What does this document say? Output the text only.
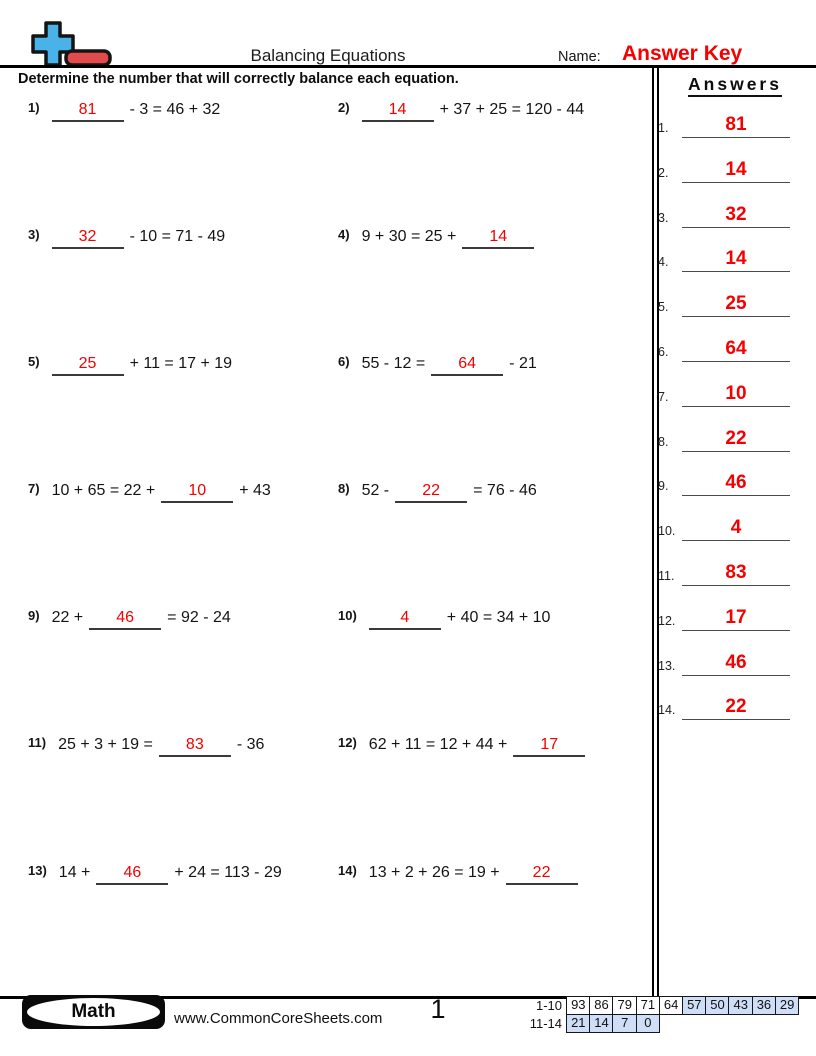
Balancing Equations	Name: Answer Key
Determine the number that will correctly balance each equation.	Answers
1) 81 - 3 = 46 + 32	2) 14 + 37 + 25 = 120 - 44
3) 32 - 10 = 71 - 49	4) 9 + 30 = 25 + 14
5) 25 + 11 = 17 + 19	6) 55 - 12 = 64 - 21
7) 10 + 65 = 22 + 10 + 43	8) 52 - 22 = 76 - 46
9) 22 + 46 = 92 - 24	10)	4 + 40 = 34 + 10
11) 25 + 3 + 19 = 83 - 36	12) 62 + 11 = 12 + 44 + 17
13) 14 + 46 + 24 = 113 - 29	14) 13 + 2 + 26 = 19 + 22
1.	81
2.	14
3.	32
4.	14
5.	25
6.	64
7.	10
8.	22
9.	46
10.	4
11.	83
12.	17
13.	46
14.	22
Math	www.CommonCoreSheets.com	1	1-10 93 86 79 71 64 57 50 43 36 29
11-14 21 14 7	0
